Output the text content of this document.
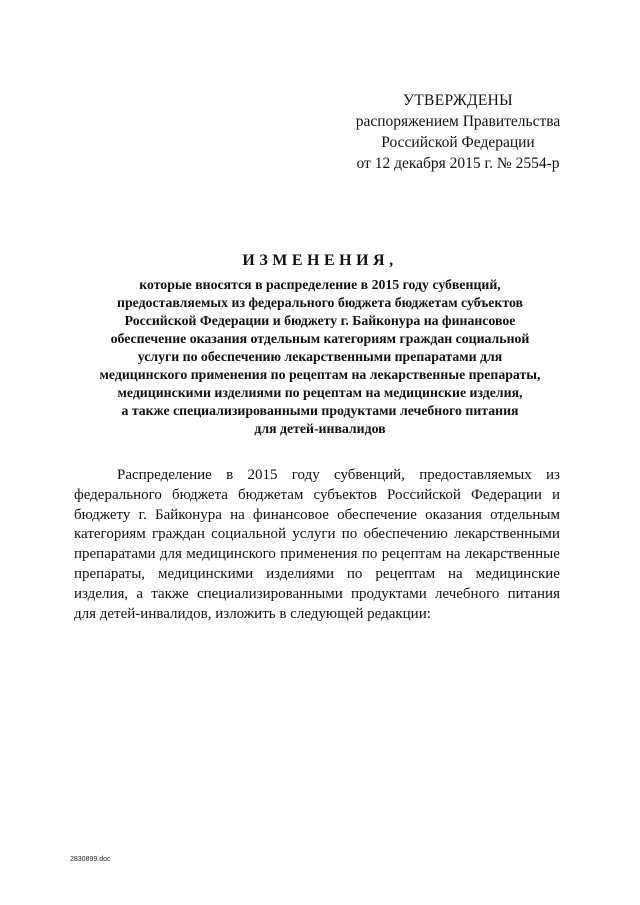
УТВЕРЖДЕНЫ
распоряжением Правительства
Российской Федерации
от 12 декабря 2015 г. № 2554-р
ИЗМЕНЕНИЯ,
которые вносятся в распределение в 2015 году субвенций,
предоставляемых из федерального бюджета бюджетам субъектов
Российской Федерации и бюджету г. Байконура на финансовое
обеспечение оказания отдельным категориям граждан социальной
услуги по обеспечению лекарственными препаратами для
медицинского применения по рецептам на лекарственные препараты,
медицинскими изделиями по рецептам на медицинские изделия,
а также специализированными продуктами лечебного питания
для детей-инвалидов
Распределение в 2015 году субвенций, предоставляемых из
федерального бюджета бюджетам субъектов Российской Федерации и
бюджету г. Байконура на финансовое обеспечение оказания отдельным
категориям граждан социальной услуги по обеспечению лекарственными
препаратами для медицинского применения по рецептам на лекарственные
препараты, медицинскими изделиями по рецептам на медицинские
изделия, а также специализированными продуктами лечебного питания
для детей-инвалидов, изложить в следующей редакции:
2830899.doc
